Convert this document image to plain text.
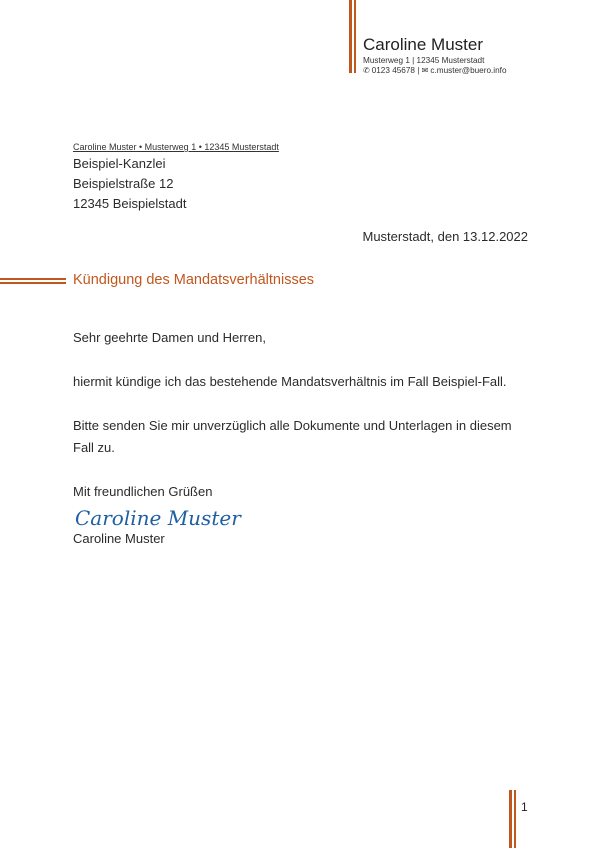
Caroline Muster
Musterweg 1 | 12345 Musterstadt
✆ 0123 45678 | ✉ c.muster@buero.info
Caroline Muster • Musterweg 1 • 12345 Musterstadt
Beispiel-Kanzlei
Beispielstraße 12
12345 Beispielstadt
Musterstadt, den 13.12.2022
Kündigung des Mandatsverhältnisses
Sehr geehrte Damen und Herren,
hiermit kündige ich das bestehende Mandatsverhältnis im Fall Beispiel-Fall.
Bitte senden Sie mir unverzüglich alle Dokumente und Unterlagen in diesem Fall zu.
Mit freundlichen Grüßen
Caroline Muster
Caroline Muster
1
